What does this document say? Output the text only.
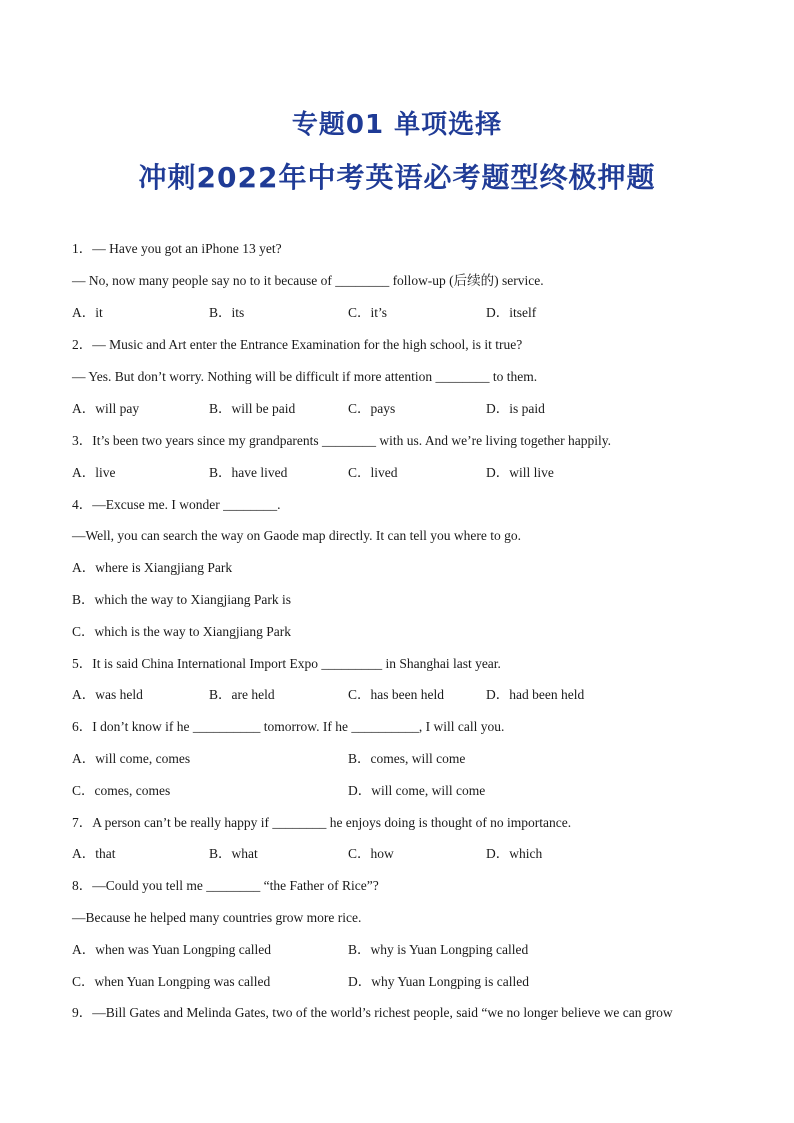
专题01 单项选择
冲刺2022年中考英语必考题型终极押题
1．— Have you got an iPhone 13 yet?
— No, now many people say no to it because of ________ follow-up (后续的) service.
A．it	B．its	C．it’s	D．itself
2．— Music and Art enter the Entrance Examination for the high school, is it true?
— Yes. But don’t worry. Nothing will be difficult if more attention ________ to them.
A．will pay	B．will be paid	C．pays	D．is paid
3．It’s been two years since my grandparents ________ with us. And we’re living together happily.
A．live	B．have lived	C．lived	D．will live
4．—Excuse me. I wonder ________.
—Well, you can search the way on Gaode map directly. It can tell you where to go.
A．where is Xiangjiang Park
B．which the way to Xiangjiang Park is
C．which is the way to Xiangjiang Park
5．It is said China International Import Expo _________ in Shanghai last year.
A．was held	B．are held	C．has been held	D．had been held
6．I don’t know if he __________ tomorrow. If he __________, I will call you.
A．will come, comes	B．comes, will come
C．comes, comes	D．will come, will come
7．A person can’t be really happy if ________ he enjoys doing is thought of no importance.
A．that	B．what	C．how	D．which
8．—Could you tell me ________ “the Father of Rice”?
—Because he helped many countries grow more rice.
A．when was Yuan Longping called	B．why is Yuan Longping called
C．when Yuan Longping was called	D．why Yuan Longping is called
9．—Bill Gates and Melinda Gates, two of the world’s richest people, said “we no longer believe we can grow
